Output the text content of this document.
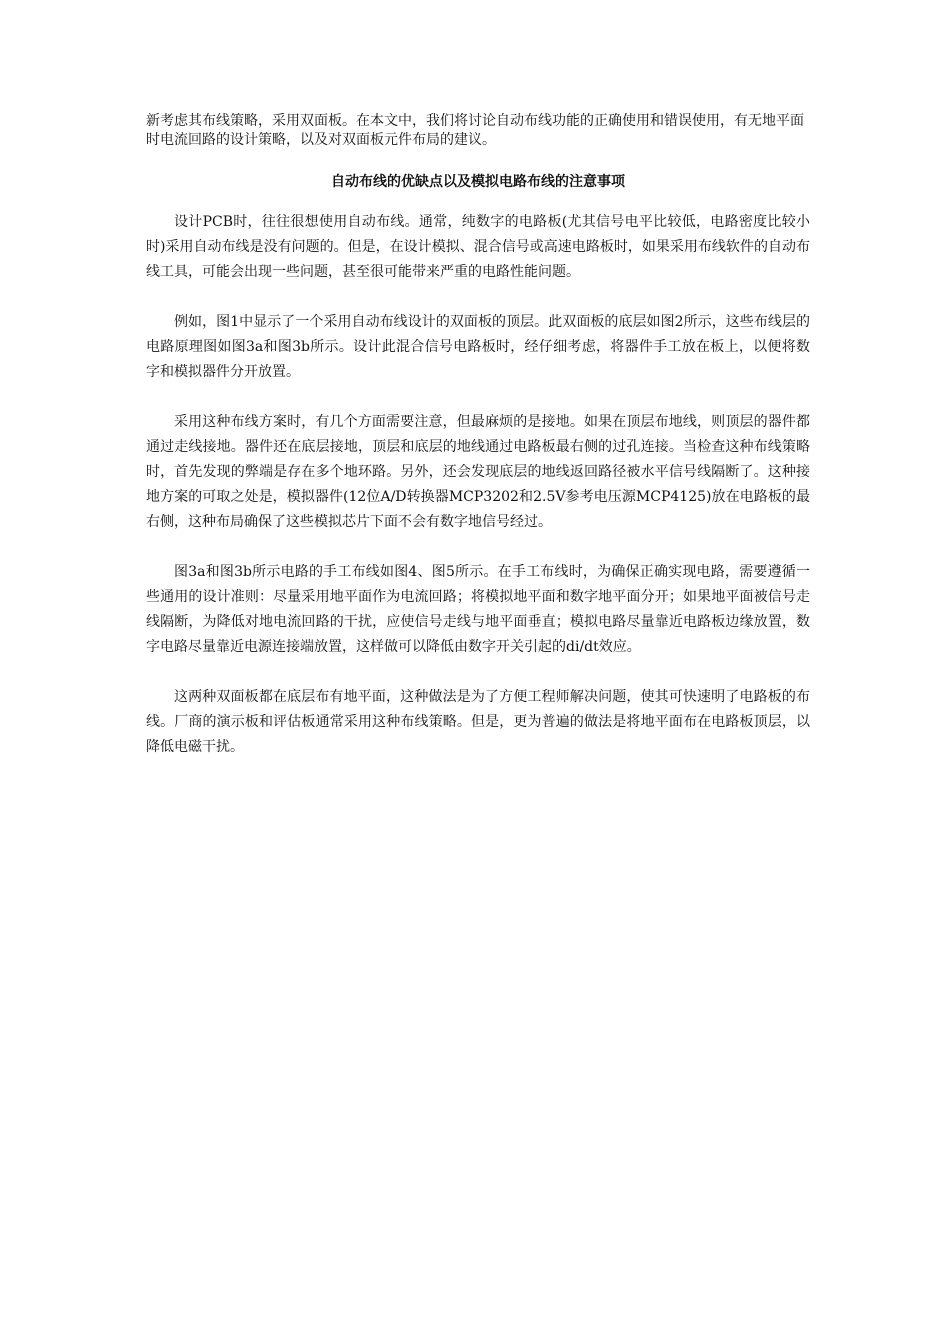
新考虑其布线策略，采用双面板。在本文中，我们将讨论自动布线功能的正确使用和错误使用，有无地平面时电流回路的设计策略，以及对双面板元件布局的建议。

自动布线的优缺点以及模拟电路布线的注意事项

设计PCB时，往往很想使用自动布线。通常，纯数字的电路板(尤其信号电平比较低，电路密度比较小时)采用自动布线是没有问题的。但是，在设计模拟、混合信号或高速电路板时，如果采用布线软件的自动布线工具，可能会出现一些问题，甚至很可能带来严重的电路性能问题。

例如，图1中显示了一个采用自动布线设计的双面板的顶层。此双面板的底层如图2所示，这些布线层的电路原理图如图3a和图3b所示。设计此混合信号电路板时，经仔细考虑，将器件手工放在板上，以便将数字和模拟器件分开放置。

采用这种布线方案时，有几个方面需要注意，但最麻烦的是接地。如果在顶层布地线，则顶层的器件都通过走线接地。器件还在底层接地，顶层和底层的地线通过电路板最右侧的过孔连接。当检查这种布线策略时，首先发现的弊端是存在多个地环路。另外，还会发现底层的地线返回路径被水平信号线隔断了。这种接地方案的可取之处是，模拟器件(12位A/D转换器MCP3202和2.5V参考电压源MCP4125)放在电路板的最右侧，这种布局确保了这些模拟芯片下面不会有数字地信号经过。

图3a和图3b所示电路的手工布线如图4、图5所示。在手工布线时，为确保正确实现电路，需要遵循一些通用的设计准则：尽量采用地平面作为电流回路；将模拟地平面和数字地平面分开；如果地平面被信号走线隔断，为降低对地电流回路的干扰，应使信号走线与地平面垂直；模拟电路尽量靠近电路板边缘放置，数字电路尽量靠近电源连接端放置，这样做可以降低由数字开关引起的di/dt效应。

这两种双面板都在底层布有地平面，这种做法是为了方便工程师解决问题，使其可快速明了电路板的布线。厂商的演示板和评估板通常采用这种布线策略。但是，更为普遍的做法是将地平面布在电路板顶层，以降低电磁干扰。
